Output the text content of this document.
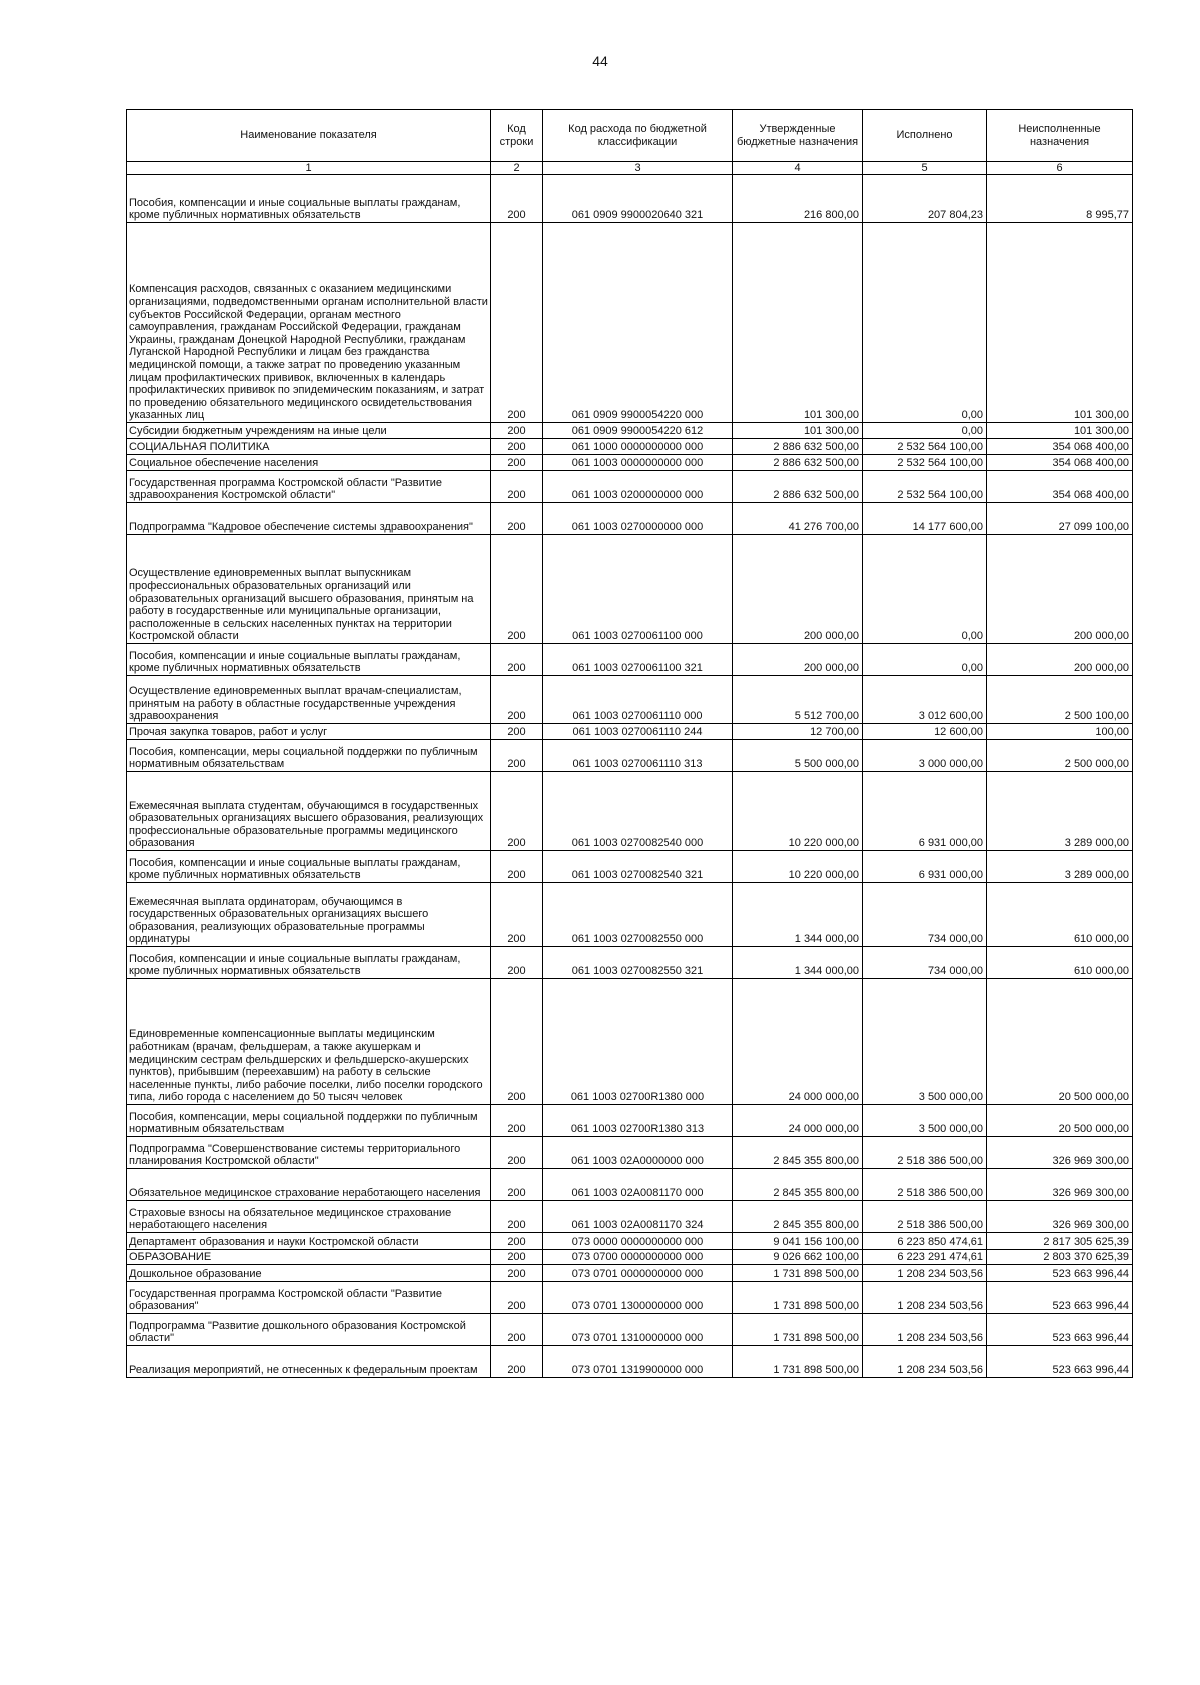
44
Наименование показателя	Код строки	Код расхода по бюджетной классификации	Утвержденные бюджетные назначения	Исполнено	Неисполненные назначения
1	2	3	4	5	6
Пособия, компенсации и иные социальные выплаты гражданам, кроме публичных нормативных обязательств	200	061 0909 9900020640 321	216 800,00	207 804,23	8 995,77
Компенсация расходов, связанных с оказанием медицинскими организациями, подведомственными органам исполнительной власти субъектов Российской Федерации, органам местного самоуправления, гражданам Российской Федерации, гражданам Украины, гражданам Донецкой Народной Республики, гражданам Луганской Народной Республики и лицам без гражданства медицинской помощи, а также затрат по проведению указанным лицам профилактических прививок, включенных в календарь профилактических прививок по эпидемическим показаниям, и затрат по проведению обязательного медицинского освидетельствования указанных лиц	200	061 0909 9900054220 000	101 300,00	0,00	101 300,00
Субсидии бюджетным учреждениям на иные цели	200	061 0909 9900054220 612	101 300,00	0,00	101 300,00
СОЦИАЛЬНАЯ ПОЛИТИКА	200	061 1000 0000000000 000	2 886 632 500,00	2 532 564 100,00	354 068 400,00
Социальное обеспечение населения	200	061 1003 0000000000 000	2 886 632 500,00	2 532 564 100,00	354 068 400,00
Государственная программа Костромской области "Развитие здравоохранения Костромской области"	200	061 1003 0200000000 000	2 886 632 500,00	2 532 564 100,00	354 068 400,00
Подпрограмма "Кадровое обеспечение системы здравоохранения"	200	061 1003 0270000000 000	41 276 700,00	14 177 600,00	27 099 100,00
Осуществление единовременных выплат выпускникам профессиональных образовательных организаций или образовательных организаций высшего образования, принятым на работу в государственные или муниципальные организации, расположенные в сельских населенных пунктах на территории Костромской области	200	061 1003 0270061100 000	200 000,00	0,00	200 000,00
Пособия, компенсации и иные социальные выплаты гражданам, кроме публичных нормативных обязательств	200	061 1003 0270061100 321	200 000,00	0,00	200 000,00
Осуществление единовременных выплат врачам-специалистам, принятым на работу в областные государственные учреждения здравоохранения	200	061 1003 0270061110 000	5 512 700,00	3 012 600,00	2 500 100,00
Прочая закупка товаров, работ и услуг	200	061 1003 0270061110 244	12 700,00	12 600,00	100,00
Пособия, компенсации, меры социальной поддержки по публичным нормативным обязательствам	200	061 1003 0270061110 313	5 500 000,00	3 000 000,00	2 500 000,00
Ежемесячная выплата студентам, обучающимся в государственных образовательных организациях высшего образования, реализующих профессиональные образовательные программы медицинского образования	200	061 1003 0270082540 000	10 220 000,00	6 931 000,00	3 289 000,00
Пособия, компенсации и иные социальные выплаты гражданам, кроме публичных нормативных обязательств	200	061 1003 0270082540 321	10 220 000,00	6 931 000,00	3 289 000,00
Ежемесячная выплата ординаторам, обучающимся в государственных образовательных организациях высшего образования, реализующих образовательные программы ординатуры	200	061 1003 0270082550 000	1 344 000,00	734 000,00	610 000,00
Пособия, компенсации и иные социальные выплаты гражданам, кроме публичных нормативных обязательств	200	061 1003 0270082550 321	1 344 000,00	734 000,00	610 000,00
Единовременные компенсационные выплаты медицинским работникам (врачам, фельдшерам, а также акушеркам и медицинским сестрам фельдшерских и фельдшерско-акушерских пунктов), прибывшим (переехавшим) на работу в сельские населенные пункты, либо рабочие поселки, либо поселки городского типа, либо города с населением до 50 тысяч человек	200	061 1003 02700R1380 000	24 000 000,00	3 500 000,00	20 500 000,00
Пособия, компенсации, меры социальной поддержки по публичным нормативным обязательствам	200	061 1003 02700R1380 313	24 000 000,00	3 500 000,00	20 500 000,00
Подпрограмма "Совершенствование системы территориального планирования Костромской области"	200	061 1003 02A0000000 000	2 845 355 800,00	2 518 386 500,00	326 969 300,00
Обязательное медицинское страхование неработающего населения	200	061 1003 02A0081170 000	2 845 355 800,00	2 518 386 500,00	326 969 300,00
Страховые взносы на обязательное медицинское страхование неработающего населения	200	061 1003 02A0081170 324	2 845 355 800,00	2 518 386 500,00	326 969 300,00
Департамент образования и науки Костромской области	200	073 0000 0000000000 000	9 041 156 100,00	6 223 850 474,61	2 817 305 625,39
ОБРАЗОВАНИЕ	200	073 0700 0000000000 000	9 026 662 100,00	6 223 291 474,61	2 803 370 625,39
Дошкольное образование	200	073 0701 0000000000 000	1 731 898 500,00	1 208 234 503,56	523 663 996,44
Государственная программа Костромской области "Развитие образования"	200	073 0701 1300000000 000	1 731 898 500,00	1 208 234 503,56	523 663 996,44
Подпрограмма "Развитие дошкольного образования Костромской области"	200	073 0701 1310000000 000	1 731 898 500,00	1 208 234 503,56	523 663 996,44
Реализация мероприятий, не отнесенных к федеральным проектам	200	073 0701 1319900000 000	1 731 898 500,00	1 208 234 503,56	523 663 996,44
